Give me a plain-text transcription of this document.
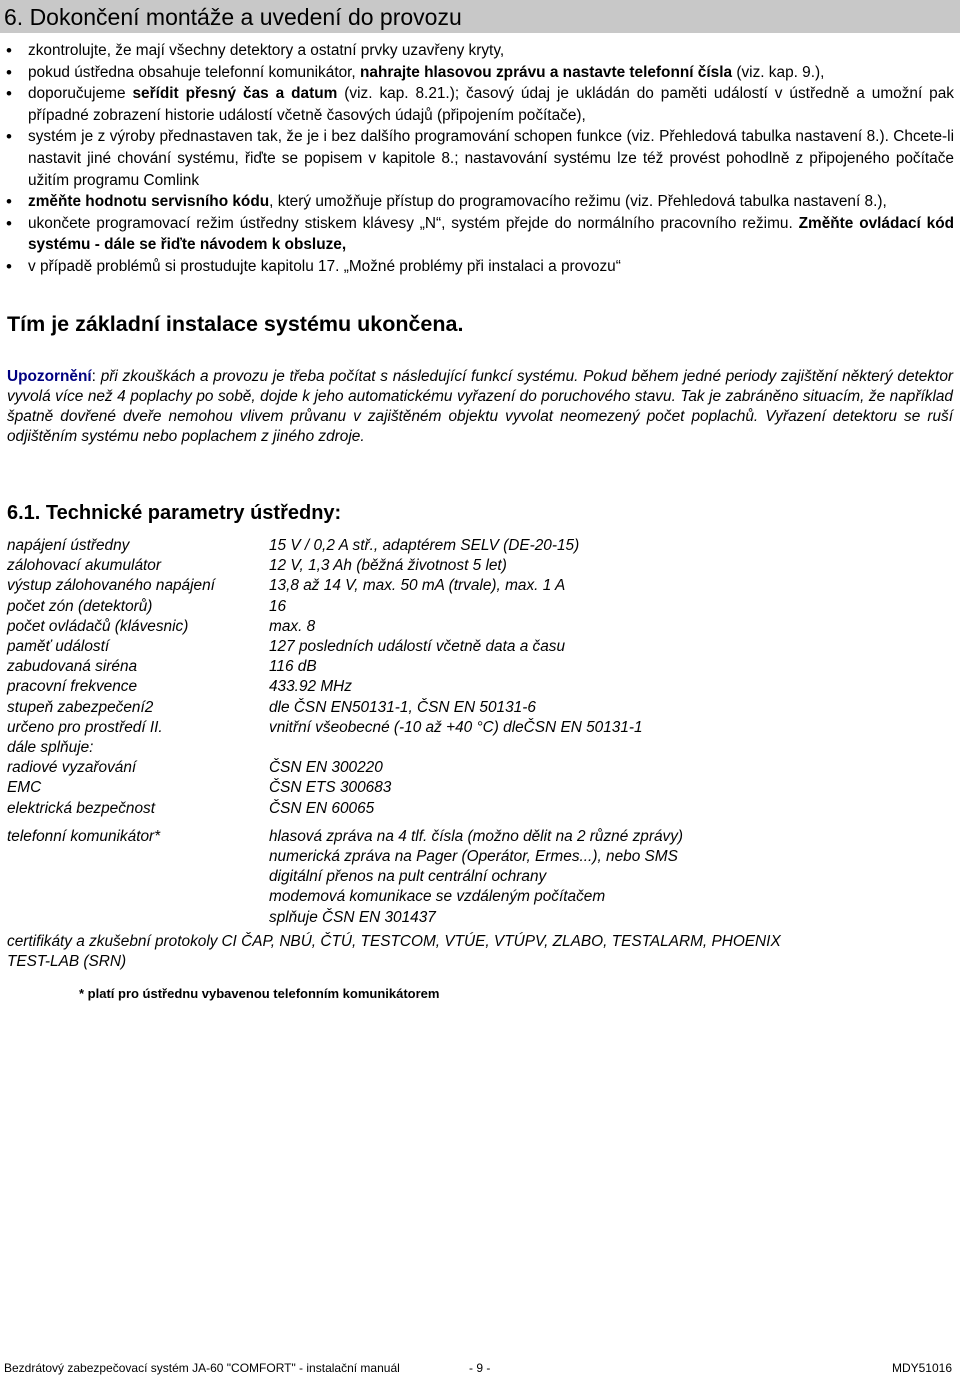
6. Dokončení montáže a uvedení do provozu
• zkontrolujte, že mají všechny detektory a ostatní prvky uzavřeny kryty,
• pokud ústředna obsahuje telefonní komunikátor, nahrajte hlasovou zprávu a nastavte telefonní čísla (viz. kap. 9.),
• doporučujeme seřídit přesný čas a datum (viz. kap. 8.21.); časový údaj je ukládán do paměti událostí v ústředně a umožní pak případné zobrazení historie událostí včetně časových údajů (připojením počítače),
• systém je z výroby přednastaven tak, že je i bez dalšího programování schopen funkce (viz. Přehledová tabulka nastavení 8.). Chcete-li nastavit jiné chování systému, řiďte se popisem v kapitole 8.; nastavování systému lze též provést pohodlně z připojeného počítače užitím programu Comlink
• změňte hodnotu servisního kódu, který umožňuje přístup do programovacího režimu (viz. Přehledová tabulka nastavení 8.),
• ukončete programovací režim ústředny stiskem klávesy „N“, systém přejde do normálního pracovního režimu. Změňte ovládací kód systému - dále se řiďte návodem k obsluze,
• v případě problémů si prostudujte kapitolu 17. „Možné problémy při instalaci a provozu“

Tím je základní instalace systému ukončena.

Upozornění: při zkouškách a provozu je třeba počítat s následující funkcí systému. Pokud během jedné periody zajištění některý detektor vyvolá více než 4 poplachy po sobě, dojde k jeho automatickému vyřazení do poruchového stavu. Tak je zabráněno situacím, že například špatně dovřené dveře nemohou vlivem průvanu v zajištěném objektu vyvolat neomezený počet poplachů. Vyřazení detektoru se ruší odjištěním systému nebo poplachem z jiného zdroje.

6.1. Technické parametry ústředny:
napájení ústředny	15 V / 0,2 A stř., adaptérem SELV (DE-20-15)
zálohovací akumulátor	12 V, 1,3 Ah (běžná životnost 5 let)
výstup zálohovaného napájení	13,8 až 14 V, max. 50 mA (trvale), max. 1 A
počet zón (detektorů)	16
počet ovládačů (klávesnic)	max. 8
paměť událostí	127 posledních událostí včetně data a času
zabudovaná siréna	116 dB
pracovní frekvence	433.92 MHz
stupeň zabezpečení2	dle ČSN EN50131-1, ČSN EN 50131-6
určeno pro prostředí II.	vnitřní všeobecné (-10 až +40 °C) dleČSN EN 50131-1
dále splňuje:
radiové vyzařování	ČSN EN 300220
EMC	ČSN ETS 300683
elektrická bezpečnost	ČSN EN 60065
telefonní komunikátor*	hlasová zpráva na 4 tlf. čísla (možno dělit na 2 různé zprávy)
numerická zpráva na Pager (Operátor, Ermes...), nebo SMS
digitální přenos na pult centrální ochrany
modemová komunikace se vzdáleným počítačem
splňuje ČSN EN 301437
certifikáty a zkušební protokoly CI ČAP, NBÚ, ČTÚ, TESTCOM, VTÚE, VTÚPV, ZLABO, TESTALARM, PHOENIX
TEST-LAB (SRN)

* platí pro ústřednu vybavenou telefonním komunikátorem

Bezdrátový zabezpečovací systém JA-60 "COMFORT" - instalační manuál	- 9 -	MDY51016
